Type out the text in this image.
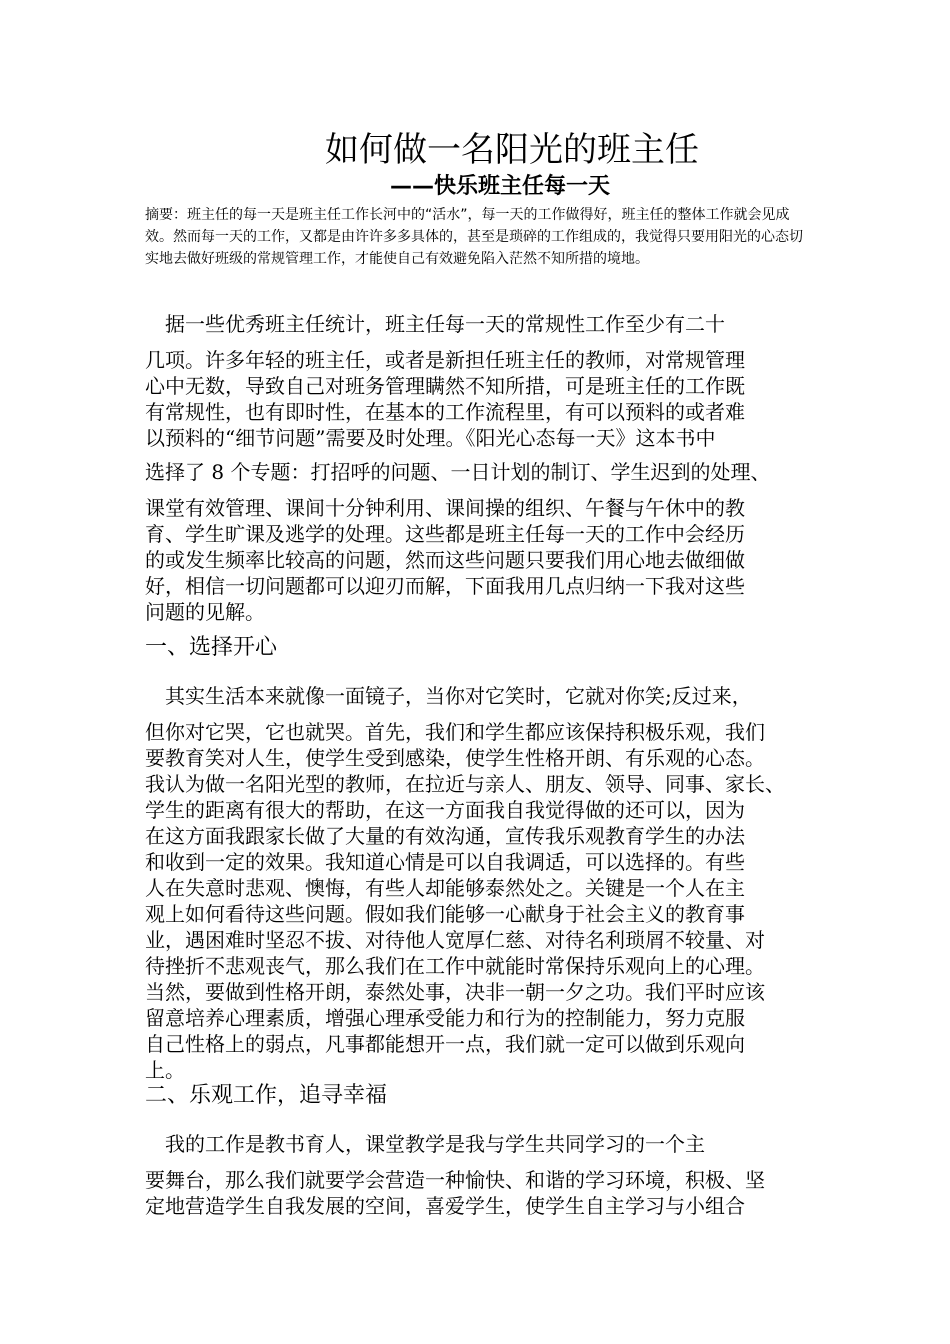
如何做一名阳光的班主任
——快乐班主任每一天

摘要：班主任的每一天是班主任工作长河中的“活水”，每一天的工作做得好，班主任的整体工作就会见成效。然而每一天的工作，又都是由许许多多具体的，甚至是琐碎的工作组成的，我觉得只要用阳光的心态切实地去做好班级的常规管理工作，才能使自己有效避免陷入茫然不知所措的境地。

　据一些优秀班主任统计，班主任每一天的常规性工作至少有二十

几项。许多年轻的班主任，或者是新担任班主任的教师，对常规管理

心中无数，导致自己对班务管理瞒然不知所措，可是班主任的工作既

有常规性，也有即时性，在基本的工作流程里，有可以预料的或者难

以预料的“细节问题”需要及时处理。《阳光心态每一天》这本书中

选择了 8 个专题：打招呼的问题、一日计划的制订、学生迟到的处理、

课堂有效管理、课间十分钟利用、课间操的组织、午餐与午休中的教

育、学生旷课及逃学的处理。这些都是班主任每一天的工作中会经历

的或发生频率比较高的问题，然而这些问题只要我们用心地去做细做

好，相信一切问题都可以迎刃而解，下面我用几点归纳一下我对这些

问题的见解。

一、选择开心

　其实生活本来就像一面镜子，当你对它笑时，它就对你笑;反过来，

但你对它哭，它也就哭。首先，我们和学生都应该保持积极乐观，我们

要教育笑对人生，使学生受到感染，使学生性格开朗、有乐观的心态。

我认为做一名阳光型的教师，在拉近与亲人、朋友、领导、同事、家长、

学生的距离有很大的帮助，在这一方面我自我觉得做的还可以，因为

在这方面我跟家长做了大量的有效沟通，宣传我乐观教育学生的办法

和收到一定的效果。我知道心情是可以自我调适，可以选择的。有些

人在失意时悲观、懊悔，有些人却能够泰然处之。关键是一个人在主

观上如何看待这些问题。假如我们能够一心献身于社会主义的教育事

业，遇困难时坚忍不拔、对待他人宽厚仁慈、对待名利琐屑不较量、对

待挫折不悲观丧气，那么我们在工作中就能时常保持乐观向上的心理。

当然，要做到性格开朗，泰然处事，决非一朝一夕之功。我们平时应该

留意培养心理素质，增强心理承受能力和行为的控制能力，努力克服

自己性格上的弱点，凡事都能想开一点，我们就一定可以做到乐观向

上。

二、乐观工作，追寻幸福

　我的工作是教书育人，课堂教学是我与学生共同学习的一个主

要舞台，那么我们就要学会营造一种愉快、和谐的学习环境，积极、坚

定地营造学生自我发展的空间，喜爱学生，使学生自主学习与小组合
